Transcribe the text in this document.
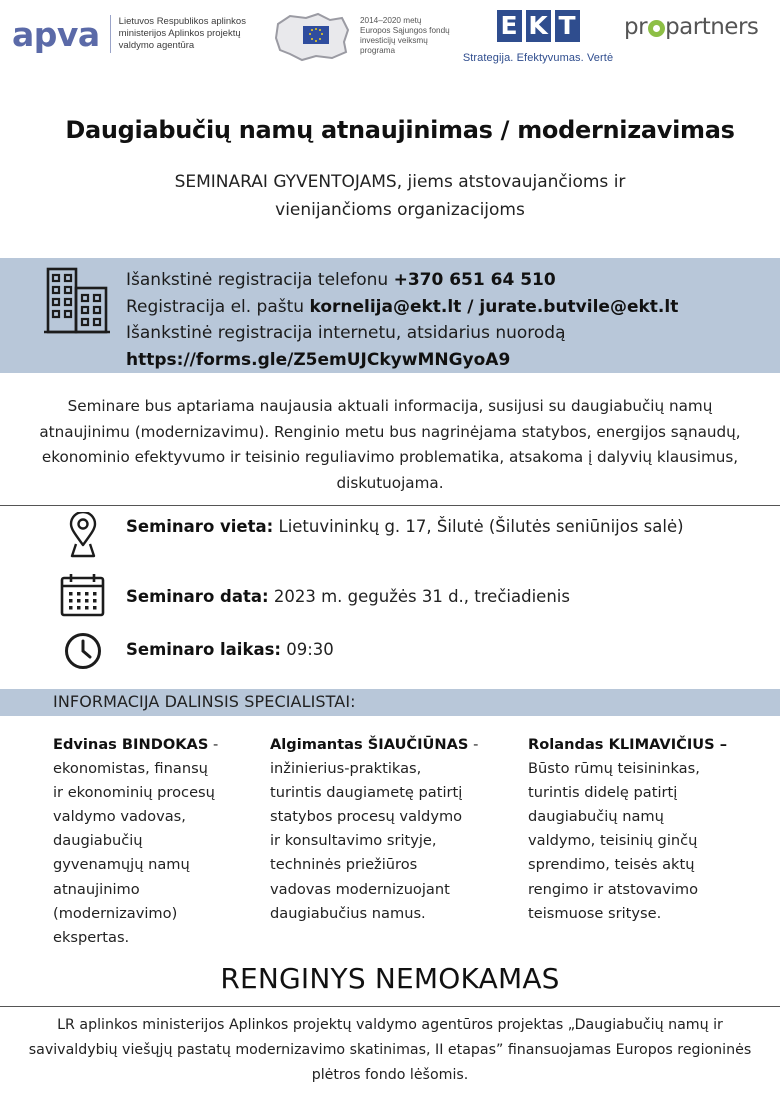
apva Lietuvos Respublikos aplinkos ministerijos Aplinkos projektų valdymo agentūra
2014–2020 metų Europos Sąjungos fondų investicijų veiksmų programa
E K T
Strategija. Efektyvumas. Vertė
pr partners
Daugiabučių namų atnaujinimas / modernizavimas

SEMINARAI GYVENTOJAMS, jiems atstovaujančioms ir vienijančioms organizacijoms

Išankstinė registracija telefonu +370 651 64 510
Registracija el. paštu kornelija@ekt.lt / jurate.butvile@ekt.lt
Išankstinė registracija internetu, atsidarius nuorodą
https://forms.gle/Z5emUJCkywMNGyoA9

Seminare bus aptariama naujausia aktuali informacija, susijusi su daugiabučių namų atnaujinimu (modernizavimu). Renginio metu bus nagrinėjama statybos, energijos sąnaudų, ekonominio efektyvumo ir teisinio reguliavimo problematika, atsakoma į dalyvių klausimus, diskutuojama.

Seminaro vieta: Lietuvininkų g. 17, Šilutė (Šilutės seniūnijos salė)
Seminaro data: 2023 m. gegužės 31 d., trečiadienis
Seminaro laikas: 09:30
INFORMACIJA DALINSIS SPECIALISTAI:
Edvinas BINDOKAS -
ekonomistas, finansų
ir ekonominių procesų
valdymo vadovas,
daugiabučių
gyvenamųjų namų
atnaujinimo
(modernizavimo)
ekspertas.
Algimantas ŠIAUČIŪNAS -
inžinierius-praktikas,
turintis daugiametę patirtį
statybos procesų valdymo
ir konsultavimo srityje,
techninės priežiūros
vadovas modernizuojant
daugiabučius namus.
Rolandas KLIMAVIČIUS –
Būsto rūmų teisininkas,
turintis didelę patirtį
daugiabučių namų
valdymo, teisinių ginčų
sprendimo, teisės aktų
rengimo ir atstovavimo
teismuose srityse.
RENGINYS NEMOKAMAS

LR aplinkos ministerijos Aplinkos projektų valdymo agentūros projektas „Daugiabučių namų ir savivaldybių viešųjų pastatų modernizavimo skatinimas, II etapas” finansuojamas Europos regioninės plėtros fondo lėšomis.
